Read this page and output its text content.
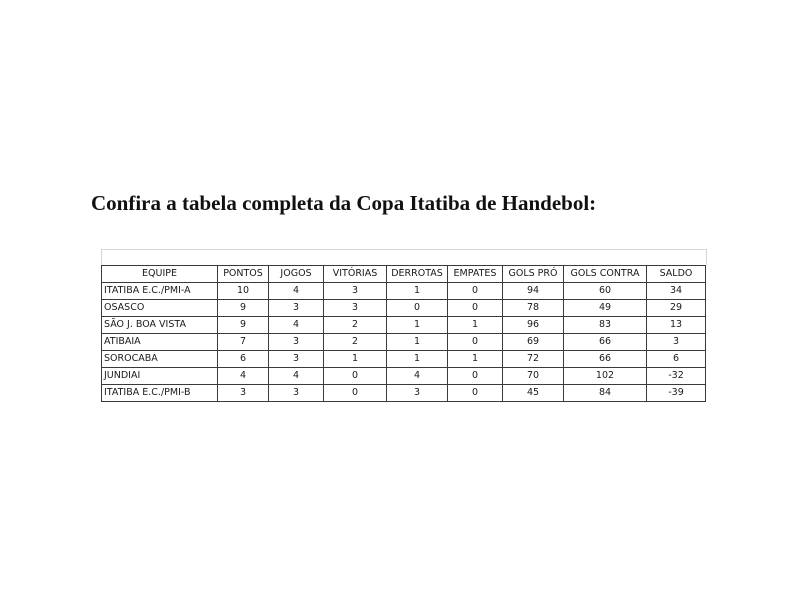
Confira a tabela completa da Copa Itatiba de Handebol:
EQUIPE	PONTOS	JOGOS	VITÓRIAS	DERROTAS	EMPATES	GOLS PRÓ	GOLS CONTRA	SALDO
ITATIBA E.C./PMI-A	10	4	3	1	0	94	60	34
OSASCO	9	3	3	0	0	78	49	29
SÃO J. BOA VISTA	9	4	2	1	1	96	83	13
ATIBAIA	7	3	2	1	0	69	66	3
SOROCABA	6	3	1	1	1	72	66	6
JUNDIAI	4	4	0	4	0	70	102	-32
ITATIBA E.C./PMI-B	3	3	0	3	0	45	84	-39
